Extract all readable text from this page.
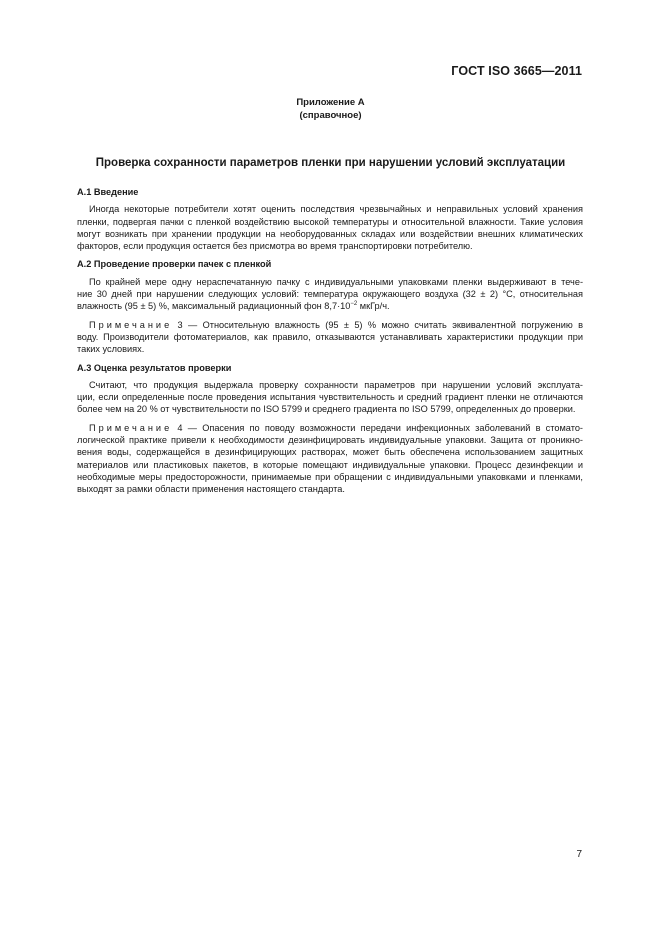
ГОСТ ISO 3665—2011
Приложение А
(справочное)
Проверка сохранности параметров пленки при нарушении условий эксплуатации
А.1 Введение

Иногда некоторые потребители хотят оценить последствия чрезвычайных и неправильных условий хранения
пленки, подвергая пачки с пленкой воздействию высокой температуры и относительной влажности. Такие условия
могут возникать при хранении продукции на необорудованных складах или воздействии внешних климатических
факторов, если продукция остается без присмотра во время транспортировки потребителю.

А.2 Проведение проверки пачек с пленкой

По крайней мере одну нераспечатанную пачку с индивидуальными упаковками пленки выдерживают в тече-
ние 30 дней при нарушении следующих условий: температура окружающего воздуха (32 ± 2) °С, относительная
влажность (95 ± 5) %, максимальный радиационный фон $8,7\cdot 10^{-2}$ мкГр/ч.

Примечание 3 — Относительную влажность (95 ± 5) % можно считать эквивалентной погружению в
воду. Производители фотоматериалов, как правило, отказываются устанавливать характеристики продукции при
таких условиях.

А.3 Оценка результатов проверки

Считают, что продукция выдержала проверку сохранности параметров при нарушении условий эксплуата-
ции, если определенные после проведения испытания чувствительность и средний градиент пленки не отличаются
более чем на 20 % от чувствительности по ISO 5799 и среднего градиента по ISO 5799, определенных до проверки.

Примечание 4 — Опасения по поводу возможности передачи инфекционных заболеваний в стомато-
логической практике привели к необходимости дезинфицировать индивидуальные упаковки. Защита от проникно-
вения воды, содержащейся в дезинфицирующих растворах, может быть обеспечена использованием защитных
материалов или пластиковых пакетов, в которые помещают индивидуальные упаковки. Процесс дезинфекции и
необходимые меры предосторожности, принимаемые при обращении с индивидуальными упаковками и пленками,
выходят за рамки области применения настоящего стандарта.

7
